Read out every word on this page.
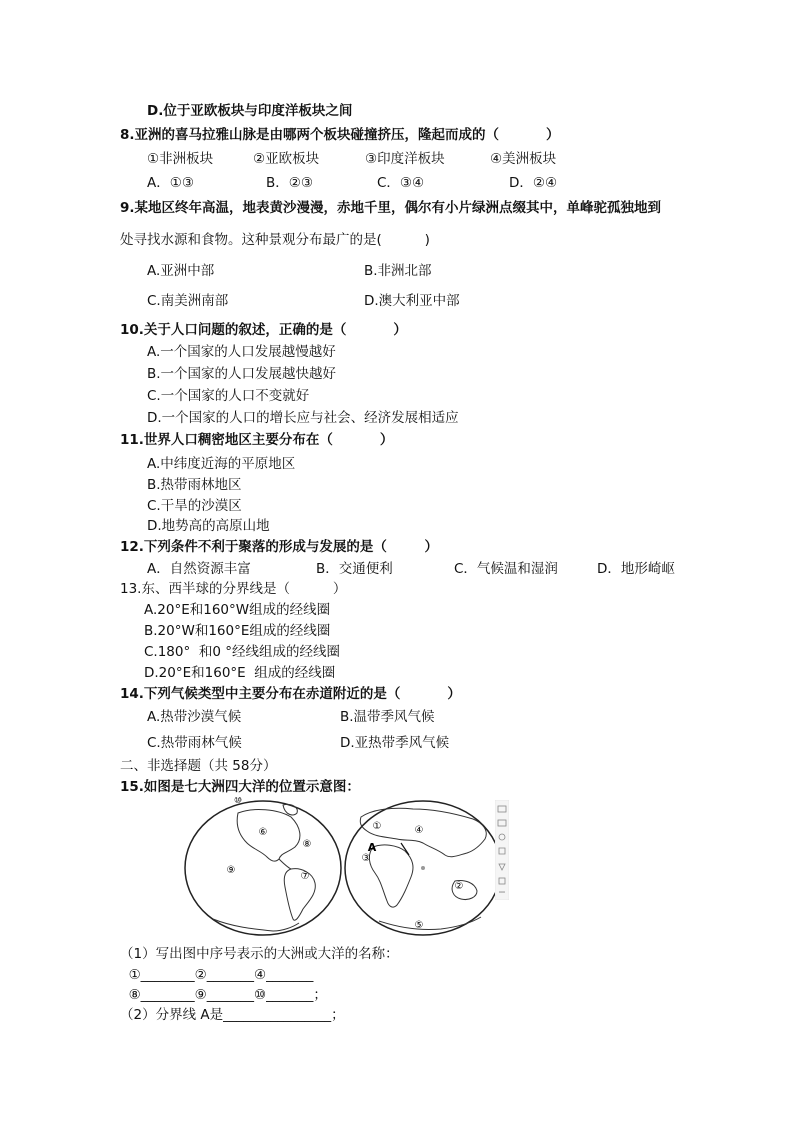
D.位于亚欧板块与印度洋板块之间
8.亚洲的喜马拉雅山脉是由哪两个板块碰撞挤压，隆起而成的（          ）
①非洲板块	②亚欧板块	③印度洋板块	④美洲板块
A．①③	B．②③	C．③④	D．②④
9.某地区终年高温，地表黄沙漫漫，赤地千里，偶尔有小片绿洲点缀其中，单峰驼孤独地到
处寻找水源和食物。这种景观分布最广的是(          )
A.亚洲中部	B.非洲北部
C.南美洲南部	D.澳大利亚中部
10.关于人口问题的叙述，正确的是（          ）
A.一个国家的人口发展越慢越好
B.一个国家的人口发展越快越好
C.一个国家的人口不变就好
D.一个国家的人口的增长应与社会、经济发展相适应
11.世界人口稠密地区主要分布在（          ）
A.中纬度近海的平原地区
B.热带雨林地区
C.干旱的沙漠区
D.地势高的高原山地
12.下列条件不利于聚落的形成与发展的是（        ）
A．自然资源丰富	B．交通便利	C．气候温和湿润	D．地形崎岖
13.东、西半球的分界线是（          ）
A.20°E和160°W组成的经线圈
B.20°W和160°E组成的经线圈
C.180°  和0 °经线组成的经线圈
D.20°E和160°E  组成的经线圈
14.下列气候类型中主要分布在赤道附近的是（          ）
A.热带沙漠气候	B.温带季风气候
C.热带雨林气候	D.亚热带季风气候
二、非选择题（共 58分）
15.如图是七大洲四大洋的位置示意图：
⑩
⑥
⑧
⑨
⑦
①	④
③
A
②
⑤
（1）写出图中序号表示的大洲或大洋的名称：
①________②_______④_______
⑧________⑨_______⑩_______；
（2）分界线 A是________________；
